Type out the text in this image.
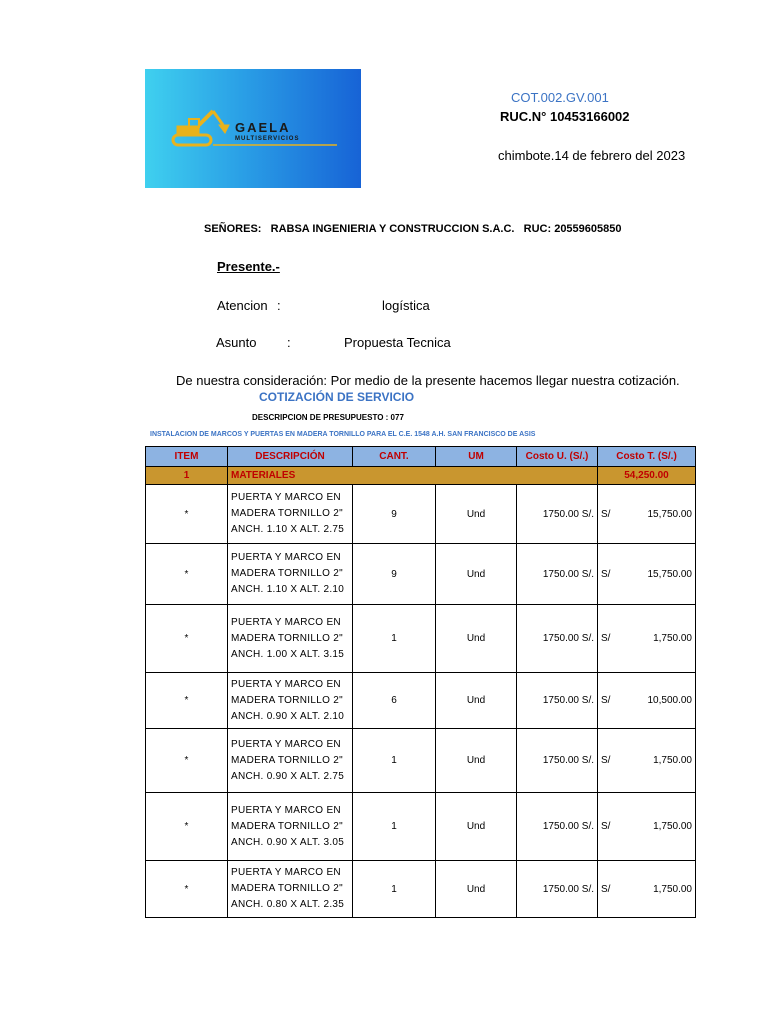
GAELA
MULTISERVICIOS
COT.002.GV.001
RUC.N° 10453166002
chimbote.14 de febrero del 2023
SEÑORES:   RABSA INGENIERIA Y CONSTRUCCION S.A.C.   RUC: 20559605850
Presente.-
Atencion :	logística
Asunto :	Propuesta Tecnica
De nuestra consideración: Por medio de la presente hacemos llegar nuestra cotización.
COTIZACIÓN DE SERVICIO
DESCRIPCION DE PRESUPUESTO : 077
INSTALACION DE MARCOS Y PUERTAS EN MADERA TORNILLO PARA EL C.E. 1548 A.H. SAN FRANCISCO DE ASIS
ITEM	DESCRIPCIÓN	CANT.	UM	Costo U. (S/.)	Costo T. (S/.)	
1	MATERIALES				54,250.00	
*	PUERTA Y MARCO EN
MADERA TORNILLO 2"
ANCH. 1.10 X ALT. 2.75	9	Und	1750.00 S/.	S/	15,750.00
*	PUERTA Y MARCO EN
MADERA TORNILLO 2"
ANCH. 1.10 X ALT. 2.10	9	Und	1750.00 S/.	S/	15,750.00
*	PUERTA Y MARCO EN
MADERA TORNILLO 2"
ANCH. 1.00 X ALT. 3.15	1	Und	1750.00 S/.	S/	1,750.00
*	PUERTA Y MARCO EN
MADERA TORNILLO 2"
ANCH. 0.90 X ALT. 2.10	6	Und	1750.00 S/.	S/	10,500.00
*	PUERTA Y MARCO EN
MADERA TORNILLO 2"
ANCH. 0.90 X ALT. 2.75	1	Und	1750.00 S/.	S/	1,750.00
*	PUERTA Y MARCO EN
MADERA TORNILLO 2"
ANCH. 0.90 X ALT. 3.05	1	Und	1750.00 S/.	S/	1,750.00
*	PUERTA Y MARCO EN
MADERA TORNILLO 2"
ANCH. 0.80 X ALT. 2.35	1	Und	1750.00 S/.	S/	1,750.00
